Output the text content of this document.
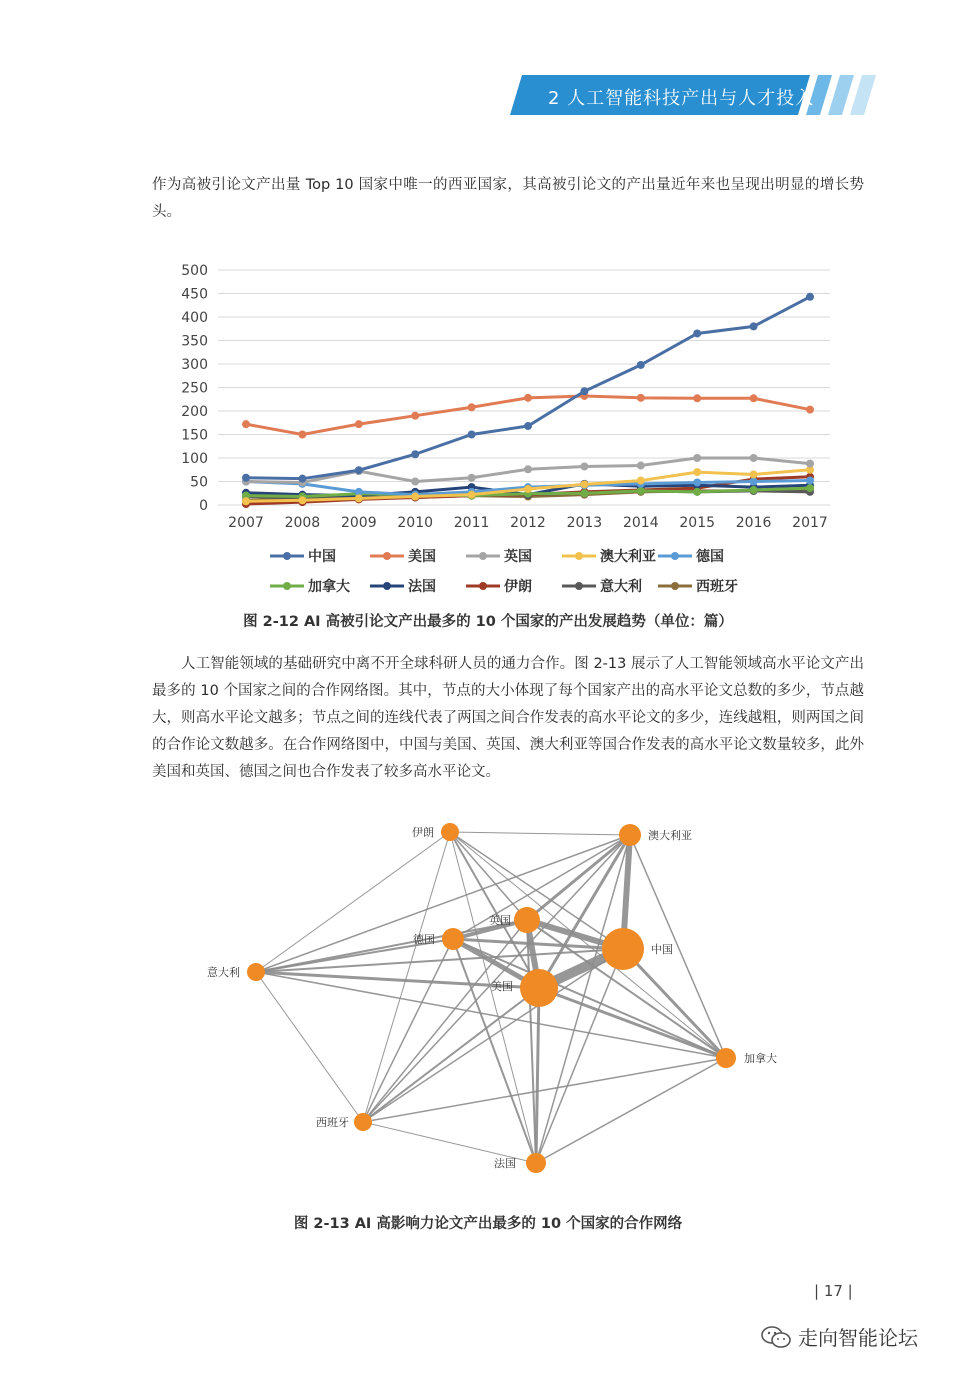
2 人工智能科技产出与人才投入

作为高被引论文产出量 Top 10 国家中唯一的西亚国家，其高被引论文的产出量近年来也呈现出明显的增长势头。

0
50
100
150
200
250
300
350
400
450
500
2007 2008 2009 2010 2011 2012 2013 2014 2015 2016 2017
中国	美国	英国	澳大利亚	德国
加拿大	法国	伊朗	意大利	西班牙

图 2-12 AI 高被引论文产出最多的 10 个国家的产出发展趋势（单位：篇）

人工智能领域的基础研究中离不开全球科研人员的通力合作。图 2-13 展示了人工智能领域高水平论文产出最多的 10 个国家之间的合作网络图。其中，节点的大小体现了每个国家产出的高水平论文总数的多少，节点越大，则高水平论文越多；节点之间的连线代表了两国之间合作发表的高水平论文的多少，连线越粗，则两国之间的合作论文数越多。在合作网络图中，中国与美国、英国、澳大利亚等国合作发表的高水平论文数量较多，此外美国和英国、德国之间也合作发表了较多高水平论文。

伊朗	澳大利亚
英国
德国
中国
美国
意大利
加拿大
西班牙
法国

图 2-13 AI 高影响力论文产出最多的 10 个国家的合作网络

| 17 |
走向智能论坛
